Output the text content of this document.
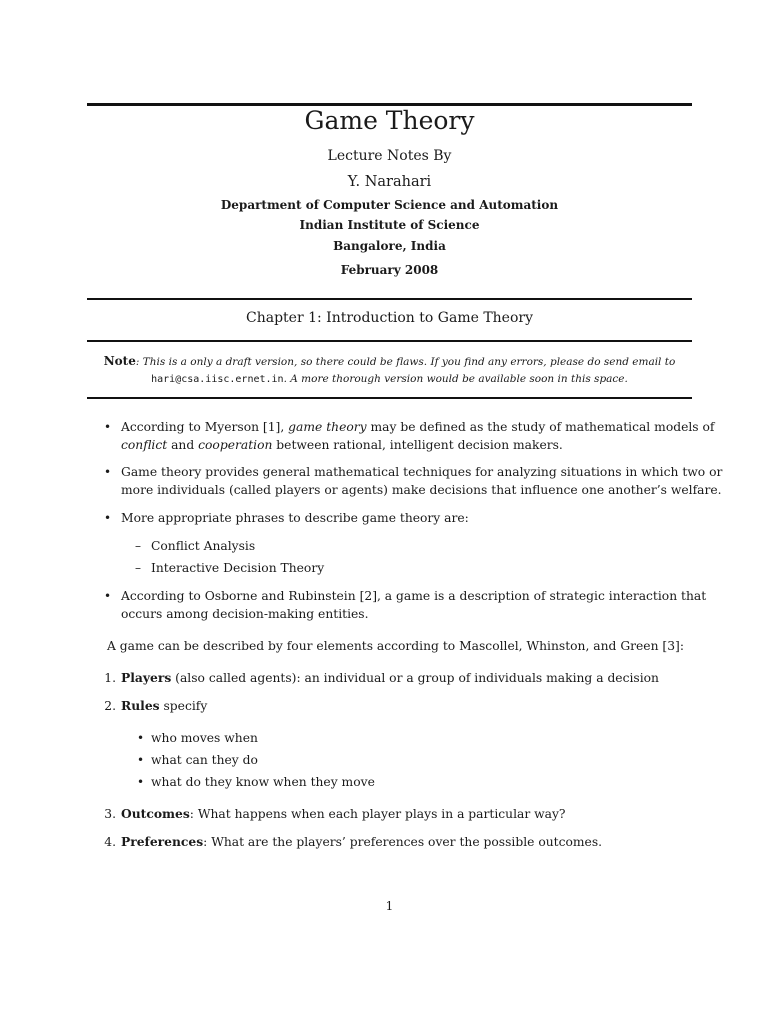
Game Theory
Lecture Notes By
Y. Narahari
Department of Computer Science and Automation
Indian Institute of Science
Bangalore, India
February 2008
Chapter 1: Introduction to Game Theory
Note: This is a only a draft version, so there could be flaws. If you find any errors, please do send email to
hari@csa.iisc.ernet.in. A more thorough version would be available soon in this space.
• According to Myerson [1], game theory may be defined as the study of mathematical models of
conflict and cooperation between rational, intelligent decision makers.
• Game theory provides general mathematical techniques for analyzing situations in which two or
more individuals (called players or agents) make decisions that influence one another’s welfare.
• More appropriate phrases to describe game theory are:
– Conflict Analysis
– Interactive Decision Theory
• According to Osborne and Rubinstein [2], a game is a description of strategic interaction that
occurs among decision-making entities.
A game can be described by four elements according to Mascollel, Whinston, and Green [3]:
1. Players (also called agents): an individual or a group of individuals making a decision
2. Rules specify
• who moves when
• what can they do
• what do they know when they move
3. Outcomes: What happens when each player plays in a particular way?
4. Preferences: What are the players’ preferences over the possible outcomes.
1
